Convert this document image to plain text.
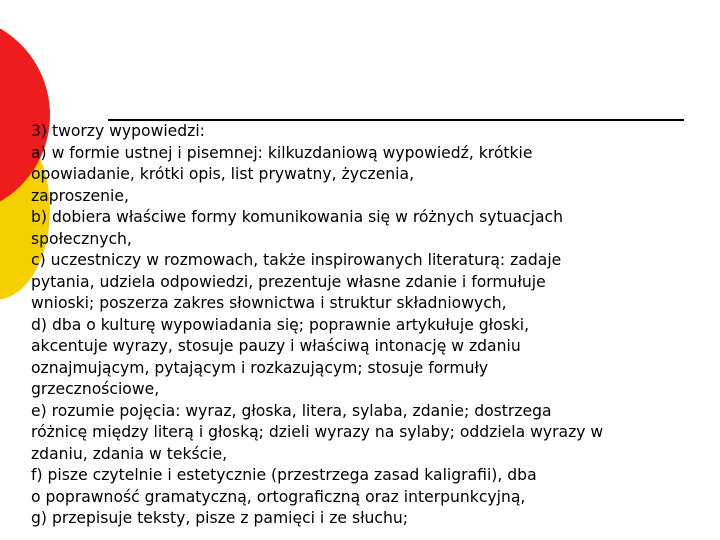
3) tworzy wypowiedzi:
a) w formie ustnej i pisemnej: kilkuzdaniową wypowiedź, krótkie
opowiadanie, krótki opis, list prywatny, życzenia,
zaproszenie,
b) dobiera właściwe formy komunikowania się w różnych sytuacjach
społecznych,
c) uczestniczy w rozmowach, także inspirowanych literaturą: zadaje
pytania, udziela odpowiedzi, prezentuje własne zdanie i formułuje
wnioski; poszerza zakres słownictwa i struktur składniowych,
d) dba o kulturę wypowiadania się; poprawnie artykułuje głoski,
akcentuje wyrazy, stosuje pauzy i właściwą intonację w zdaniu
oznajmującym, pytającym i rozkazującym; stosuje formuły
grzecznościowe,
e) rozumie pojęcia: wyraz, głoska, litera, sylaba, zdanie; dostrzega
różnicę między literą i głoską; dzieli wyrazy na sylaby; oddziela wyrazy w
zdaniu, zdania w tekście,
f) pisze czytelnie i estetycznie (przestrzega zasad kaligrafii), dba
o poprawność gramatyczną, ortograficzną oraz interpunkcyjną,
g) przepisuje teksty, pisze z pamięci i ze słuchu;
